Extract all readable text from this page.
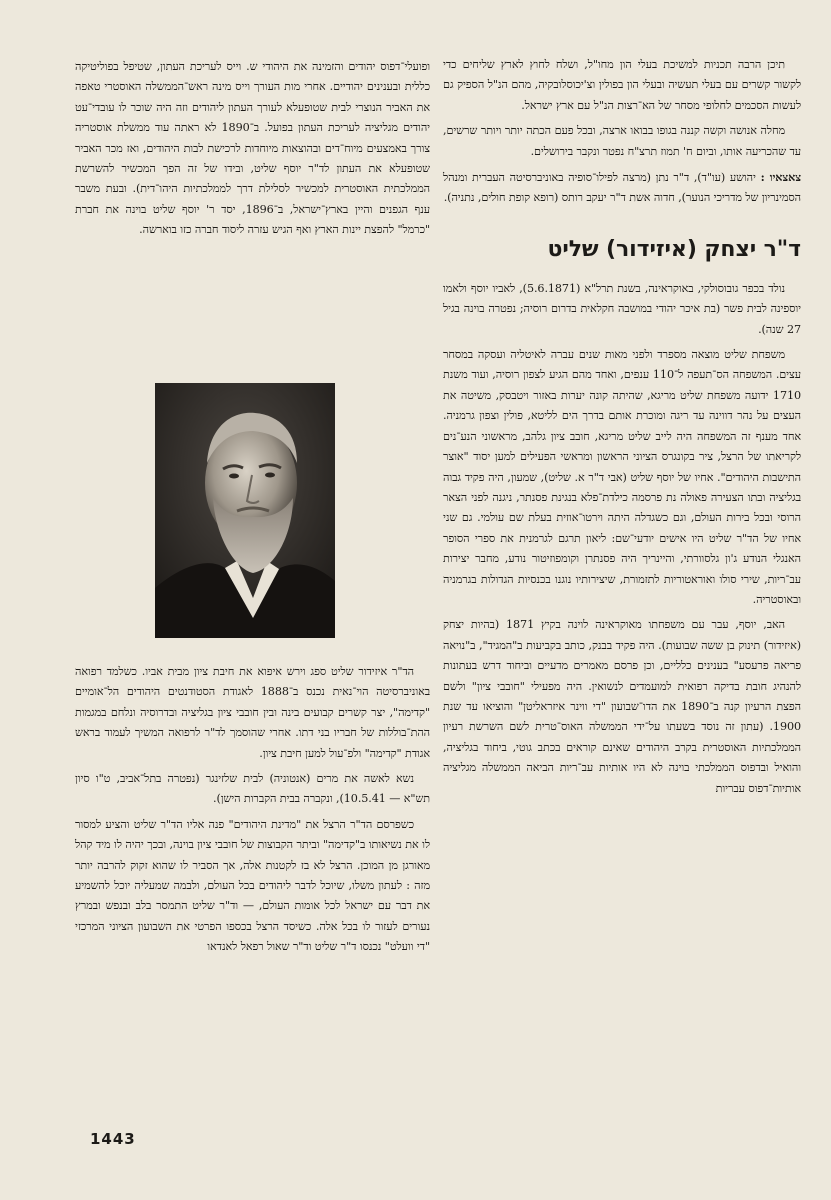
תיכן הרבה תכניות למשיכת בעלי הון מחו"ל, ושלח לחוץ לארץ שליחים כדי לקשור קשרים עם בעלי תעשיה ובעלי הון בפולין וצ'יכוסלובקיה, מהם הנ"ל הספיק גם לעשות הסכמים לחלופי מסחר של הא־רצות הנ"ל עם ארץ ישראל.

מחלה אנושה וקשה קננה בגופו בבואו ארצה, ובכל פעם הכתה יותר ויותר שרשים, עד שהכריעה אותו, וביום ח' תמוז תרצ"ח נפטר ונקבר בירושלים.

צאצאיו : יהושע (עו"ד), ד"ר נתן (מרצה לפילו־סופיה באוניברסיטה העברית ומנהל הסמינריון של מדריכי הנוער), חדוה אשת ד"ר יעקב רותס (רופא קופת חולים, נתניה).

ד"ר יצחק (איזידור) שליט

נולד בכפר גובוסולקי, באוקראינה, בשנת תרל"א (5.6.1871), לאביו יוסף ולאמו יוספינה לבית פשר (בת איכר יהודי במושבה חקלאית בדרום רוסיה; נפטרה בוינה בגיל 27 שנה).

משפחת שליט מוצאה מספרד ולפני מאות שנים עברה לאיטליה ועסקה במסחר עצים. המשפחה הס־תעפה ל־110 ענפים, ואחד מהם הגיע לצפון רוסיה, ועוד משנת 1710 ידועה משפחת שליט מריגא, שהיתה קונה יערות באזור ויטבסק, משיטה את העצים על נהר דווינה עד ריגה ומוכרת אותם בדרך הים לליטא, פולין וצפון גרמניה. אחד מענף זה המשפחה היה לייב שליט מריגא, חובב ציון גלהב, מראשוני הנע־נים לקריאתו של הרצל, ציר בקונגרס הציוני הראשון ומראשי הפעילים למען יסוד "אוצר התישבות היהודים". אחיו של יוסף שליט (אבי ד"ר א. שליט), שמעון, היה פקיד גבוה בגליציה ובתו הצעירה פאולה נת פרסמה כילדת־פלא בנגינת פסנתר, ניגנה לפני הצאר הרוסי ובכל בירות העולם, וגם כשגדלה היתה וירטו־אוזית בעלת שם עולמי. גם שני אחיו של הד"ר שליט היו אישים יודעי־שם: ליאון תרגם לגרמנית את ספרי הסופר האנגלי הנודע ג'ון גלסוורתי, והיינריך היה פסנתרן וקומפוזיטור נודע, מחבר יצירות עב־ריות, שירי סולו ואוראטוריות לתזמורת, שיצירותיו נוגנו בכנסיות הגדולות בגרמניה ובאוסטריה.

האב, יוסף, עבר עם משפחתו מאוקראינה לוינה בקיץ 1871 (בהיות יצחק (איזידור) תינוק בן ששה שבועות). היה פקיד בבנק, כותב בקביעות ב"המגיד", ב"נויאה פריאה פרעסע" בענינים כלליים, וכן פרסם מאמרים מדעיים וביחוד דרש בעתונות להנהיג חובת בדיקה רפואית למועמדים לנשואין. היה מפעילי "חובבי ציון" ולשם הפצת הרעיון קנה ב־1890 את הדו־שבועון "די ווינר איזראליטן" והוציאו עד שנת 1900. (עתון זה נוסד בשעתו על־ידי הממשלה האוס־טרית לשם השרשת רעיון הממלכתיות האוסטרית בקרב היהודים שאינם קוראים בכתב גוטי, ביחוד בגליציה, והואיל ובדפוס הממלכתי בוינה לא היו אותיות עב־ריות הביאה הממשלה מגליציה אותיות־דפוס עבריות

ופועלי־דפוס יהודים והזמינה את היהודי ש. וייס לעריכת העתון, שטיפל בפוליטיקה כללית ובענינים יהודיים. אחרי מות העורך וייס מינה ראש־הממשלה האוסטרי טאפה את האביר הנוצרי לבית שטופעלא לעורך העתון ליהודים וזה היה שוכר לו עובדי־עט יהודים מגליציה לעריכת העתון בפועל. ב־1890 לא ראתה עוד ממשלת אוסטריה צורך באמצעים מיוח־דים ובהוצאות מיוחדות לרכישת לבות היהודים, ואז מכר האביר שטופעלא את העתון לד"ר יוסף שליט, ובידו של זה הפך המכשיר להשרשת הממלכתית האוסטרית למכשיר לסלילת דרך לממלכתיות היהו־דית). ובעת משבר ענף הגפנים והיין בארץ־ישראל, ב־1896, יסד ר' יוסף שליט בוינה את חברת "כרמל" להפצת יינות הארץ ואף הגיש עזרה ליסוד חברה כזו בוארשה.

הד"ר איזידור שליט ספג וירש איפוא את חיבת ציון מבית אביו. כשלמד רפואה באוניברסיטה הוי־נאית נכנס ב־1888 לאגודת הסטודנטים היהודים הל־אומיים "קדימה", יצר קשרים קבועים בינה ובין חובבי ציון בגליציה ובדרוסיה ונלחם במגמות ההת־בוללות של חבריו בני דתו. אחרי שהוסמך לד"ר לרפואה המשיך לעמוד בראש אגודת "קדימה" ולפ־עול למען חיבת ציון.

נשא לאשה את מרים (אנטוניה) לבית שלזינגר (נפטרה בתל־אביב, ט"ו סיון תש"א — 10.5.41), ונקברה בבית הקברות הישן).

כשפרסם הד"ר הרצל את "מדינת היהודים" פנה אליו הד"ר שליט והציע למסור לו את נשיאותו ב"קדימה" וביתר הקבוצות של חובבי ציון בוינה, ובכך יהיה לו מיד קהל מאורגן מן המוכן. הרצל לא בז לקטנות אלה, אך הסביר לו שהוא זקוק להרבה יותר מזה : לעתון משלו, שיוכל לדבר ליהודים בכל העולם, ולבמה שמעליה יוכל להשמיע את דבר עם ישראל לכל אומות העולם, — וד"ר שליט התמסר בלב ובנפש ובמרץ נעורים לעזור לו בכל אלה. כשיסד הרצל בכספו הפרטי את השבועון הציוני המרכזי "די וועלט" נכנסו ד"ר שליט וד"ר שאול רפאל לאנדאו

1443
